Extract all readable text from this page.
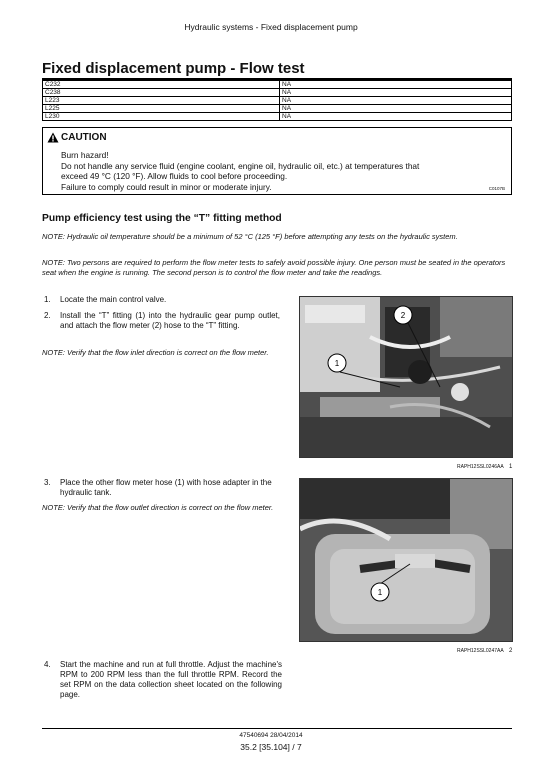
Hydraulic systems - Fixed displacement pump
Fixed displacement pump - Flow test
C232	NA
C238	NA
L223	NA
L225	NA
L230	NA
CAUTION
Burn hazard!
Do not handle any service fluid (engine coolant, engine oil, hydraulic oil, etc.) at temperatures that
exceed 49 °C (120 °F). Allow fluids to cool before proceeding.
Failure to comply could result in minor or moderate injury.	C0107B
Pump efficiency test using the “T” fitting method
NOTE: Hydraulic oil temperature should be a minimum of 52 °C (125 °F) before attempting any tests on the hydraulic system.
NOTE: Two persons are required to perform the flow meter tests to safely avoid possible injury. One person must be seated in the operators seat when the engine is running. The second person is to control the flow meter and take the readings.
1. Locate the main control valve.
2. Install the “T” fitting (1) into the hydraulic gear pump outlet, and attach the flow meter (2) hose to the “T” fitting.
NOTE: Verify that the flow inlet direction is correct on the flow meter.
2
1
RAPH12SSL0246AA 1
3. Place the other flow meter hose (1) with hose adapter in the hydraulic tank.
NOTE: Verify that the flow outlet direction is correct on the flow meter.
1
RAPH12SSL0247AA 2
4. Start the machine and run at full throttle. Adjust the machine's RPM to 200 RPM less than the full throttle RPM. Record the set RPM on the data collection sheet located on the following page.
47540694 28/04/2014
35.2 [35.104] / 7
